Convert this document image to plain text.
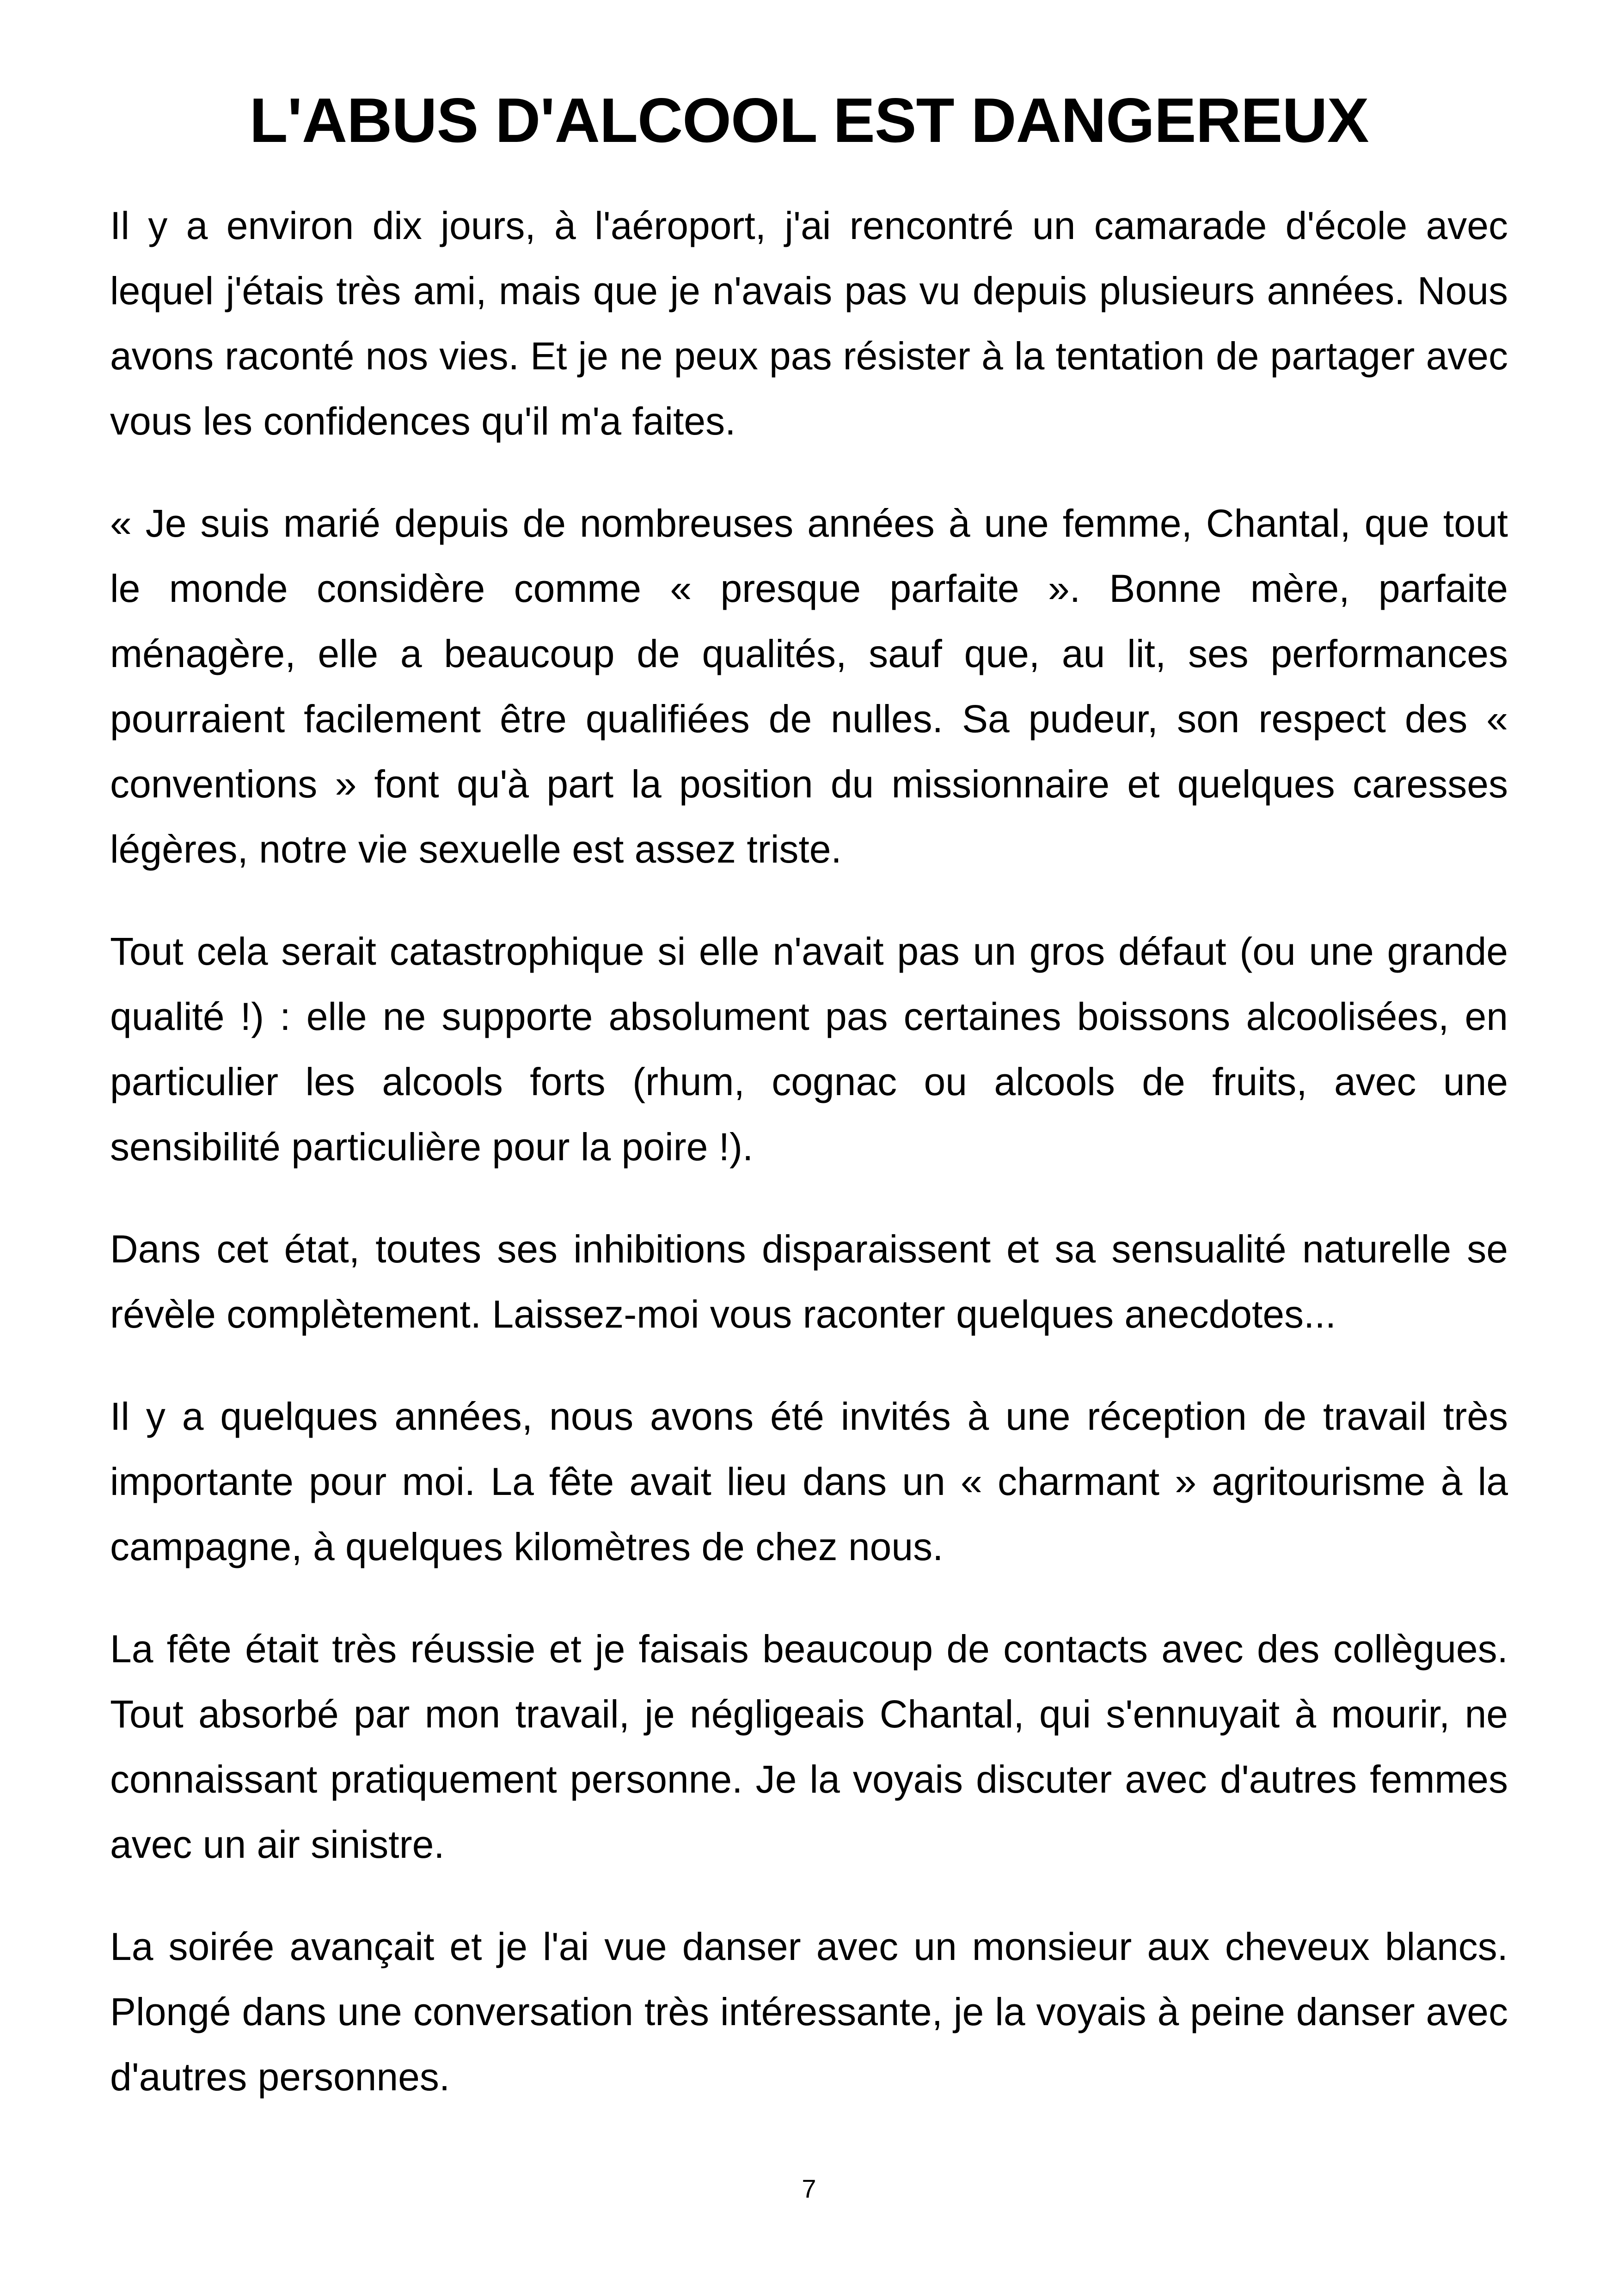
L'ABUS D'ALCOOL EST DANGEREUX

Il y a environ dix jours, à l'aéroport, j'ai rencontré un camarade d'école avec lequel j'étais très ami, mais que je n'avais pas vu depuis plusieurs années. Nous avons raconté nos vies. Et je ne peux pas résister à la tentation de partager avec vous les confidences qu'il m'a faites.

« Je suis marié depuis de nombreuses années à une femme, Chantal, que tout le monde considère comme « presque parfaite ». Bonne mère, parfaite ménagère, elle a beaucoup de qualités, sauf que, au lit, ses performances pourraient facilement être qualifiées de nulles. Sa pudeur, son respect des « conventions » font qu'à part la position du missionnaire et quelques caresses légères, notre vie sexuelle est assez triste.

Tout cela serait catastrophique si elle n'avait pas un gros défaut (ou une grande qualité !) : elle ne supporte absolument pas certaines boissons alcoolisées, en particulier les alcools forts (rhum, cognac ou alcools de fruits, avec une sensibilité particulière pour la poire !).

Dans cet état, toutes ses inhibitions disparaissent et sa sensualité naturelle se révèle complètement. Laissez-moi vous raconter quelques anecdotes...

Il y a quelques années, nous avons été invités à une réception de travail très importante pour moi. La fête avait lieu dans un « charmant » agritourisme à la campagne, à quelques kilomètres de chez nous.

La fête était très réussie et je faisais beaucoup de contacts avec des collègues. Tout absorbé par mon travail, je négligeais Chantal, qui s'ennuyait à mourir, ne connaissant pratiquement personne. Je la voyais discuter avec d'autres femmes avec un air sinistre.

La soirée avançait et je l'ai vue danser avec un monsieur aux cheveux blancs. Plongé dans une conversation très intéressante, je la voyais à peine danser avec d'autres personnes.

7
